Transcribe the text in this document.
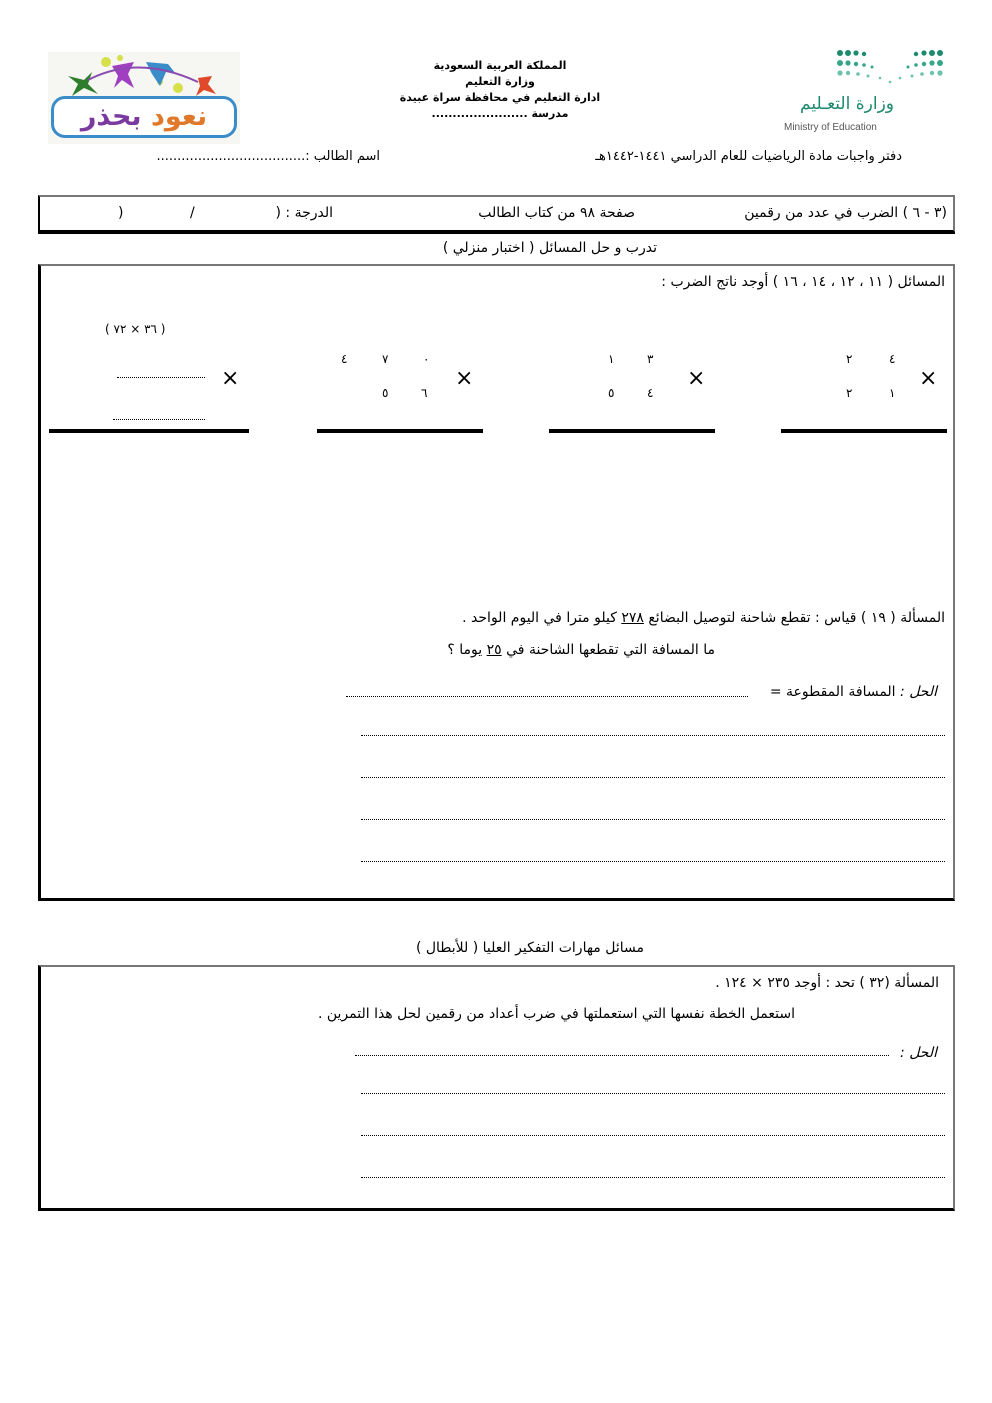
نعود بحذر
المملكة العربية السعودية
وزارة التعليم
ادارة التعليم في محافظة سراة عبيدة
مدرسة .......................	وزارة التعـليم
Ministry of Education
دفتر واجبات مادة الرياضيات للعام الدراسي ١٤٤١-١٤٤٢هـ
اسم الطالب :....................................
(٣ - ٦ ) الضرب في عدد من رقمين
صفحة ٩٨ من كتاب الطالب
الدرجة : (
/
)
تدرب و حل المسائل ( اختبار منزلي )
المسائل ( ١١ ، ١٢ ، ١٤ ، ١٦ ) أوجد ناتج الضرب :
٤
٢
١
٢
×
٣
١
٤
٥
×
٠
٧
٤
٦
٥
×
( ٣٦ × ٧٢ )
×
المسألة ( ١٩ ) قياس : تقطع شاحنة لتوصيل البضائع ٢٧٨ كيلو مترا في اليوم الواحد .
ما المسافة التي تقطعها الشاحنة في ٢٥ يوما ؟
الحل : المسافة المقطوعة =
مسائل مهارات التفكير العليا ( للأبطال )
المسألة (٣٢ ) تحد : أوجد ٢٣٥ × ١٢٤ .
استعمل الخطة نفسها التي استعملتها في ضرب أعداد من رقمين لحل هذا التمرين .
الحل :
